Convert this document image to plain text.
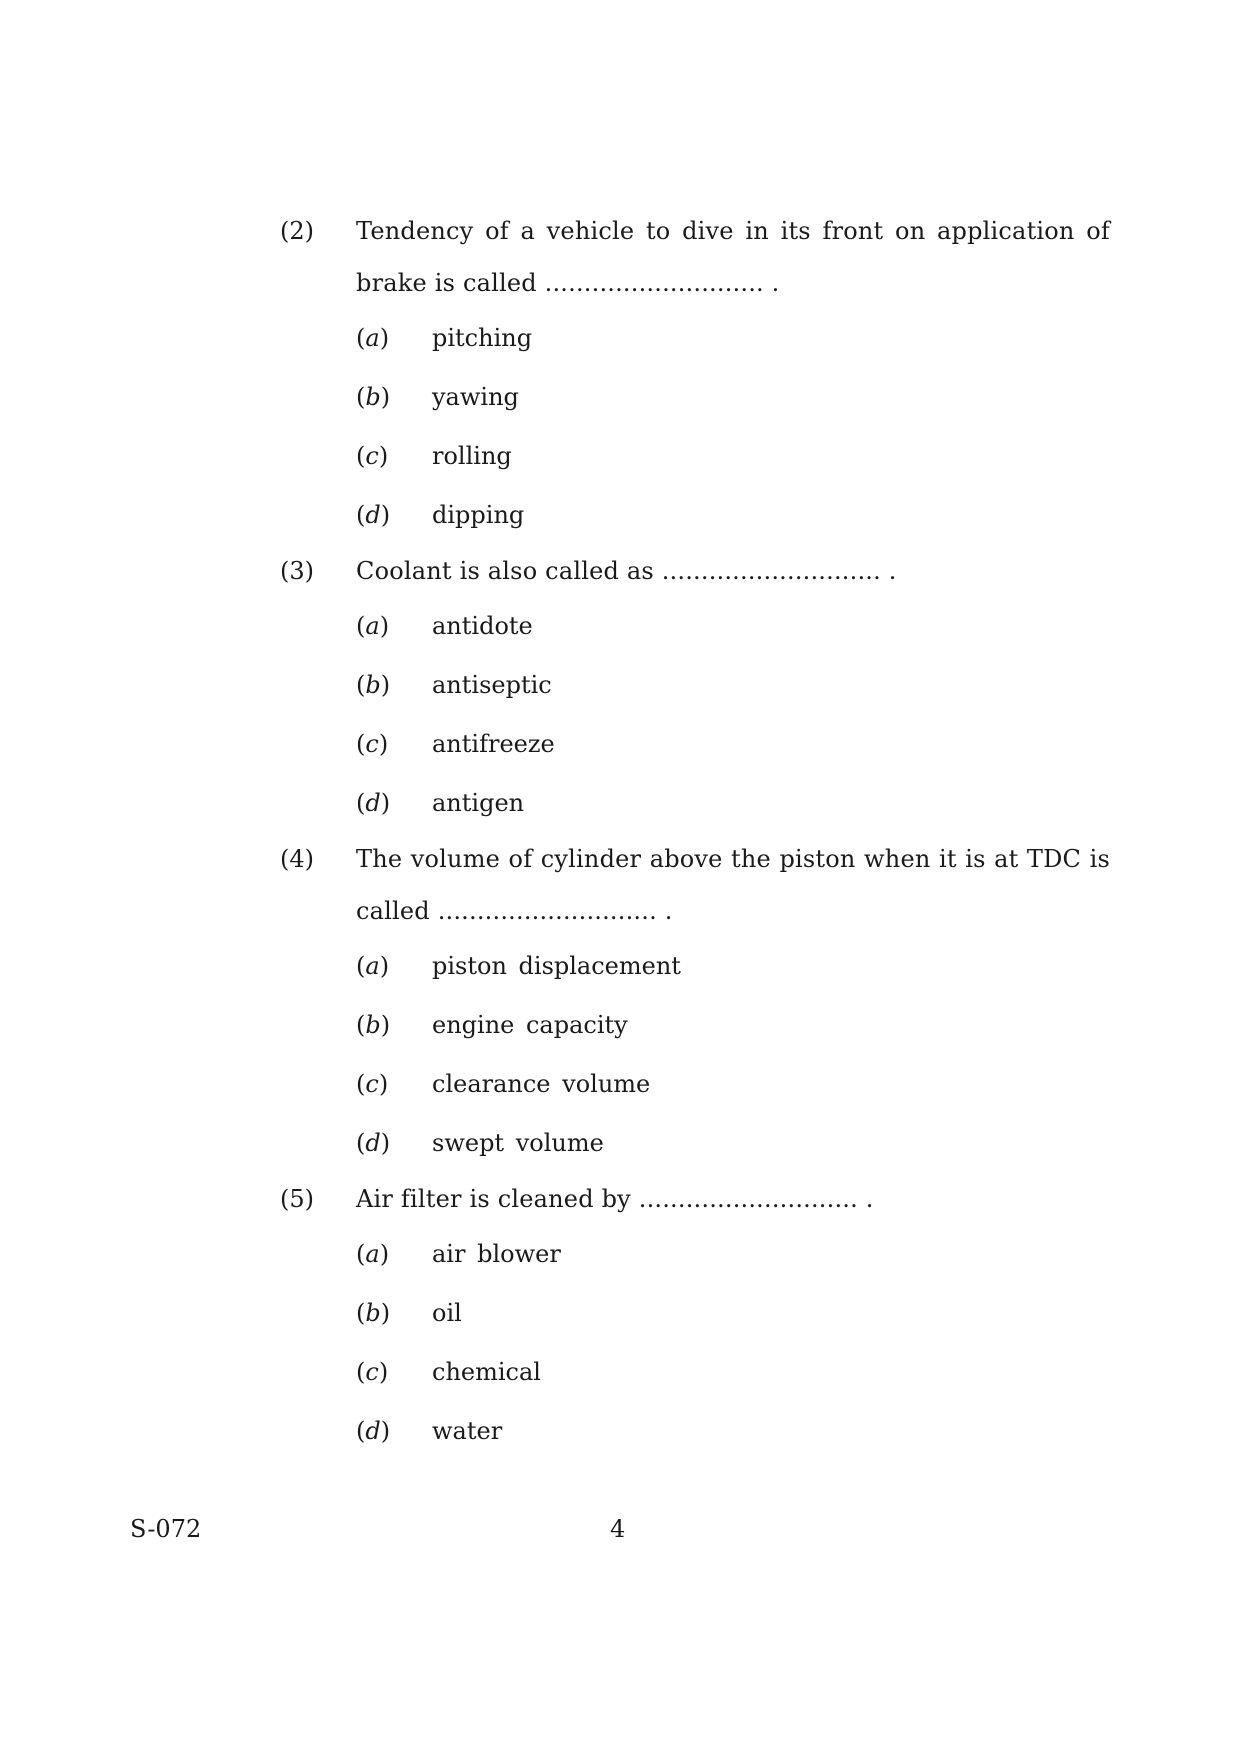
(2)	Tendency of a vehicle to dive in its front on application of brake is called ............................ .
(a) pitching
(b) yawing
(c) rolling
(d) dipping
(3)	Coolant is also called as ............................ .
(a) antidote
(b) antiseptic
(c) antifreeze
(d) antigen
(4)	The volume of cylinder above the piston when it is at TDC is called ............................ .
(a) piston displacement
(b) engine capacity
(c) clearance volume
(d) swept volume
(5)	Air filter is cleaned by ............................ .
(a) air blower
(b) oil
(c) chemical
(d) water
S-072	4
